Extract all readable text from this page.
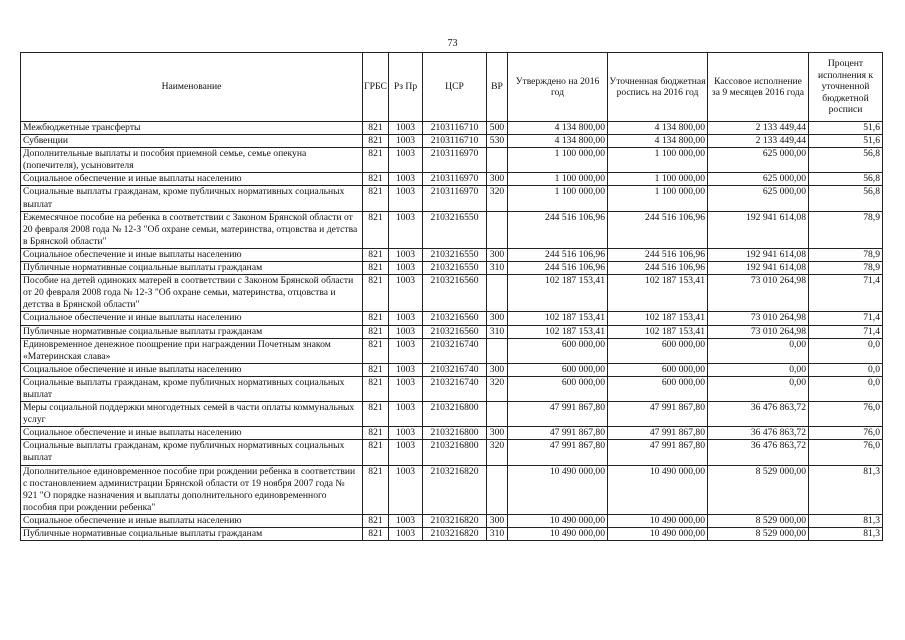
73
Наименование	ГРБС	Рз Пр	ЦСР	ВР	Утверждено на 2016 год	Уточненная бюджетная роспись на 2016 год	Кассовое исполнение за 9 месяцев 2016 года	Процент исполнения к уточненной бюджетной росписи
Межбюджетные трансферты	821	1003	2103116710	500	4 134 800,00	4 134 800,00	2 133 449,44	51,6
Субвенции	821	1003	2103116710	530	4 134 800,00	4 134 800,00	2 133 449,44	51,6
Дополнительные выплаты и пособия приемной семье, семье опекуна (попечителя), усыновителя	821	1003	2103116970		1 100 000,00	1 100 000,00	625 000,00	56,8
Социальное обеспечение и иные выплаты населению	821	1003	2103116970	300	1 100 000,00	1 100 000,00	625 000,00	56,8
Социальные выплаты гражданам, кроме публичных нормативных социальных выплат	821	1003	2103116970	320	1 100 000,00	1 100 000,00	625 000,00	56,8
Ежемесячное пособие на ребенка в соответствии с Законом Брянской области от 20 февраля 2008 года № 12-З "Об охране семьи, материнства, отцовства и детства в Брянской области"	821	1003	2103216550		244 516 106,96	244 516 106,96	192 941 614,08	78,9
Социальное обеспечение и иные выплаты населению	821	1003	2103216550	300	244 516 106,96	244 516 106,96	192 941 614,08	78,9
Публичные нормативные социальные выплаты гражданам	821	1003	2103216550	310	244 516 106,96	244 516 106,96	192 941 614,08	78,9
Пособие на детей одиноких матерей в соответствии с Законом Брянской области от 20 февраля 2008 года № 12-З "Об охране семьи, материнства, отцовства и детства в Брянской области"	821	1003	2103216560		102 187 153,41	102 187 153,41	73 010 264,98	71,4
Социальное обеспечение и иные выплаты населению	821	1003	2103216560	300	102 187 153,41	102 187 153,41	73 010 264,98	71,4
Публичные нормативные социальные выплаты гражданам	821	1003	2103216560	310	102 187 153,41	102 187 153,41	73 010 264,98	71,4
Единовременное денежное поощрение при награждении Почетным знаком «Материнская слава»	821	1003	2103216740		600 000,00	600 000,00	0,00	0,0
Социальное обеспечение и иные выплаты населению	821	1003	2103216740	300	600 000,00	600 000,00	0,00	0,0
Социальные выплаты гражданам, кроме публичных нормативных социальных выплат	821	1003	2103216740	320	600 000,00	600 000,00	0,00	0,0
Меры социальной поддержки многодетных семей в части оплаты коммунальных услуг	821	1003	2103216800		47 991 867,80	47 991 867,80	36 476 863,72	76,0
Социальное обеспечение и иные выплаты населению	821	1003	2103216800	300	47 991 867,80	47 991 867,80	36 476 863,72	76,0
Социальные выплаты гражданам, кроме публичных нормативных социальных выплат	821	1003	2103216800	320	47 991 867,80	47 991 867,80	36 476 863,72	76,0
Дополнительное единовременное пособие при рождении ребенка в соответствии с постановлением администрации Брянской области от 19 ноября 2007 года № 921 "О порядке назначения и выплаты дополнительного единовременного пособия при рождении ребенка"	821	1003	2103216820		10 490 000,00	10 490 000,00	8 529 000,00	81,3
Социальное обеспечение и иные выплаты населению	821	1003	2103216820	300	10 490 000,00	10 490 000,00	8 529 000,00	81,3
Публичные нормативные социальные выплаты гражданам	821	1003	2103216820	310	10 490 000,00	10 490 000,00	8 529 000,00	81,3
